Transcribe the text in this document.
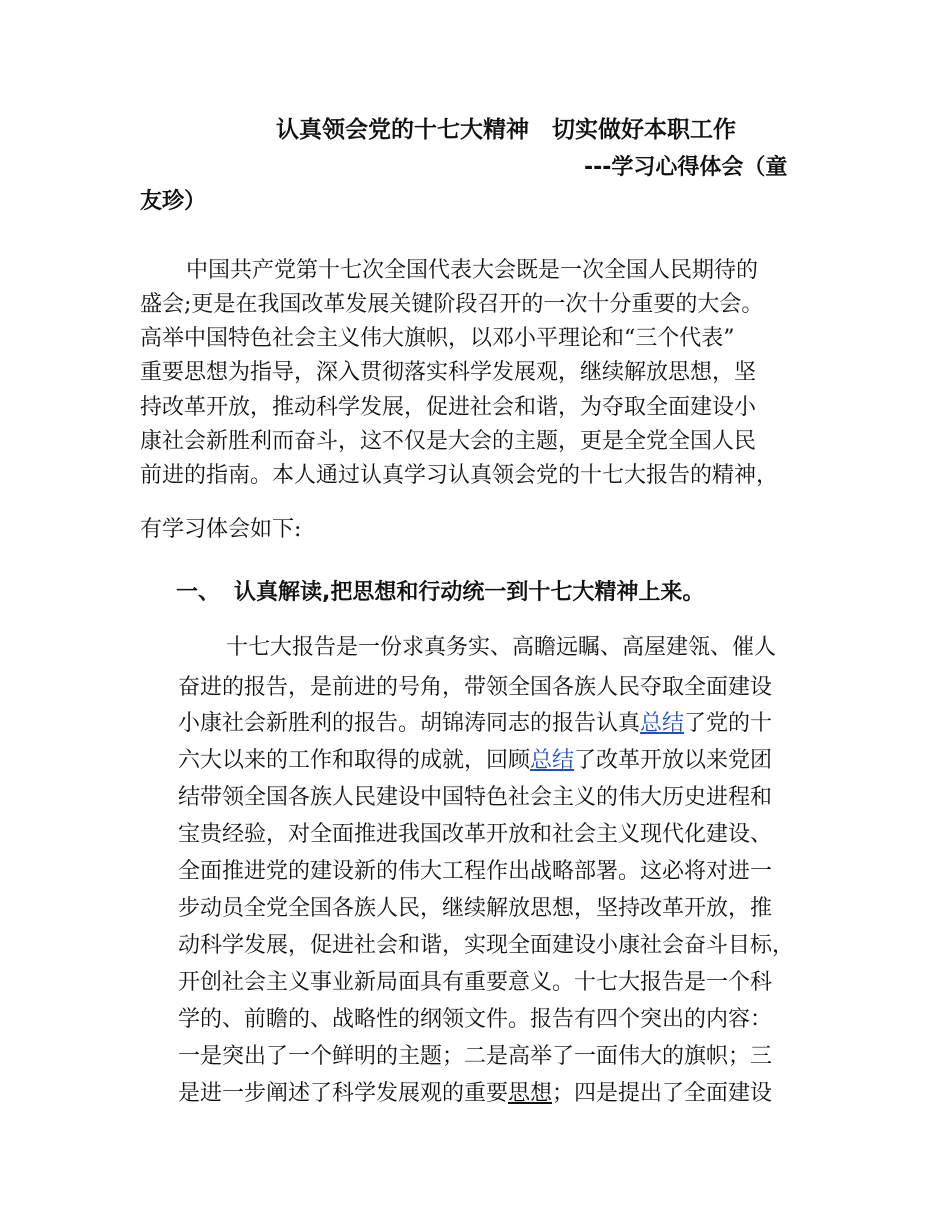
认真领会党的十七大精神　切实做好本职工作
---学习心得体会（童
友珍）
中国共产党第十七次全国代表大会既是一次全国人民期待的
盛会;更是在我国改革发展关键阶段召开的一次十分重要的大会。
高举中国特色社会主义伟大旗帜，以邓小平理论和“三个代表”
重要思想为指导，深入贯彻落实科学发展观，继续解放思想，坚
持改革开放，推动科学发展，促进社会和谐，为夺取全面建设小
康社会新胜利而奋斗，这不仅是大会的主题，更是全党全国人民
前进的指南。本人通过认真学习认真领会党的十七大报告的精神，
有学习体会如下:
一、 认真解读,把思想和行动统一到十七大精神上来。
十七大报告是一份求真务实、高瞻远瞩、高屋建瓴、催人
奋进的报告，是前进的号角，带领全国各族人民夺取全面建设
小康社会新胜利的报告。胡锦涛同志的报告认真总结了党的十
六大以来的工作和取得的成就，回顾总结了改革开放以来党团
结带领全国各族人民建设中国特色社会主义的伟大历史进程和
宝贵经验，对全面推进我国改革开放和社会主义现代化建设、
全面推进党的建设新的伟大工程作出战略部署。这必将对进一
步动员全党全国各族人民，继续解放思想，坚持改革开放，推
动科学发展，促进社会和谐，实现全面建设小康社会奋斗目标，
开创社会主义事业新局面具有重要意义。十七大报告是一个科
学的、前瞻的、战略性的纲领文件。报告有四个突出的内容：
一是突出了一个鲜明的主题；二是高举了一面伟大的旗帜；三
是进一步阐述了科学发展观的重要思想；四是提出了全面建设
